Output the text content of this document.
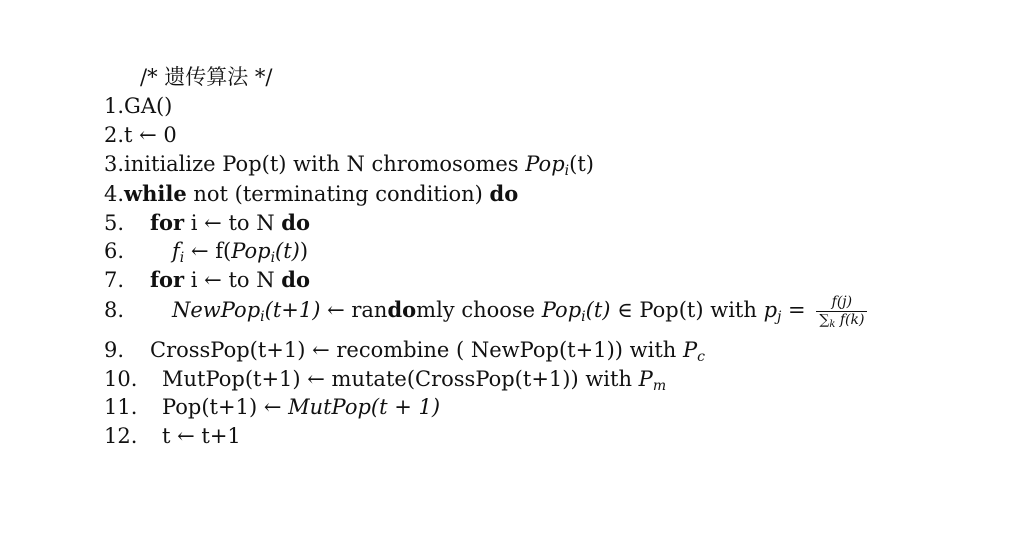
/* 遗传算法 */
1.GA()
2.t ← 0
3.initialize Pop(t) with N chromosomes Pop$_i$(t)
4.while not (terminating condition) do
5. for i ← to N do
6. $f_i$ ← f(Pop$_i$(t))
7. for i ← to N do
8. NewPop$_i$(t+1) ← randomly choose Pop$_i$(t) ∈ Pop(t) with $p_j = \frac{f(j)}{\sum_k f(k)}$
9. CrossPop(t+1) ← recombine ( NewPop(t+1)) with $P_c$
10. MutPop(t+1) ← mutate(CrossPop(t+1)) with $P_m$
11. Pop(t+1) ← MutPop(t + 1)
12. t ← t+1
